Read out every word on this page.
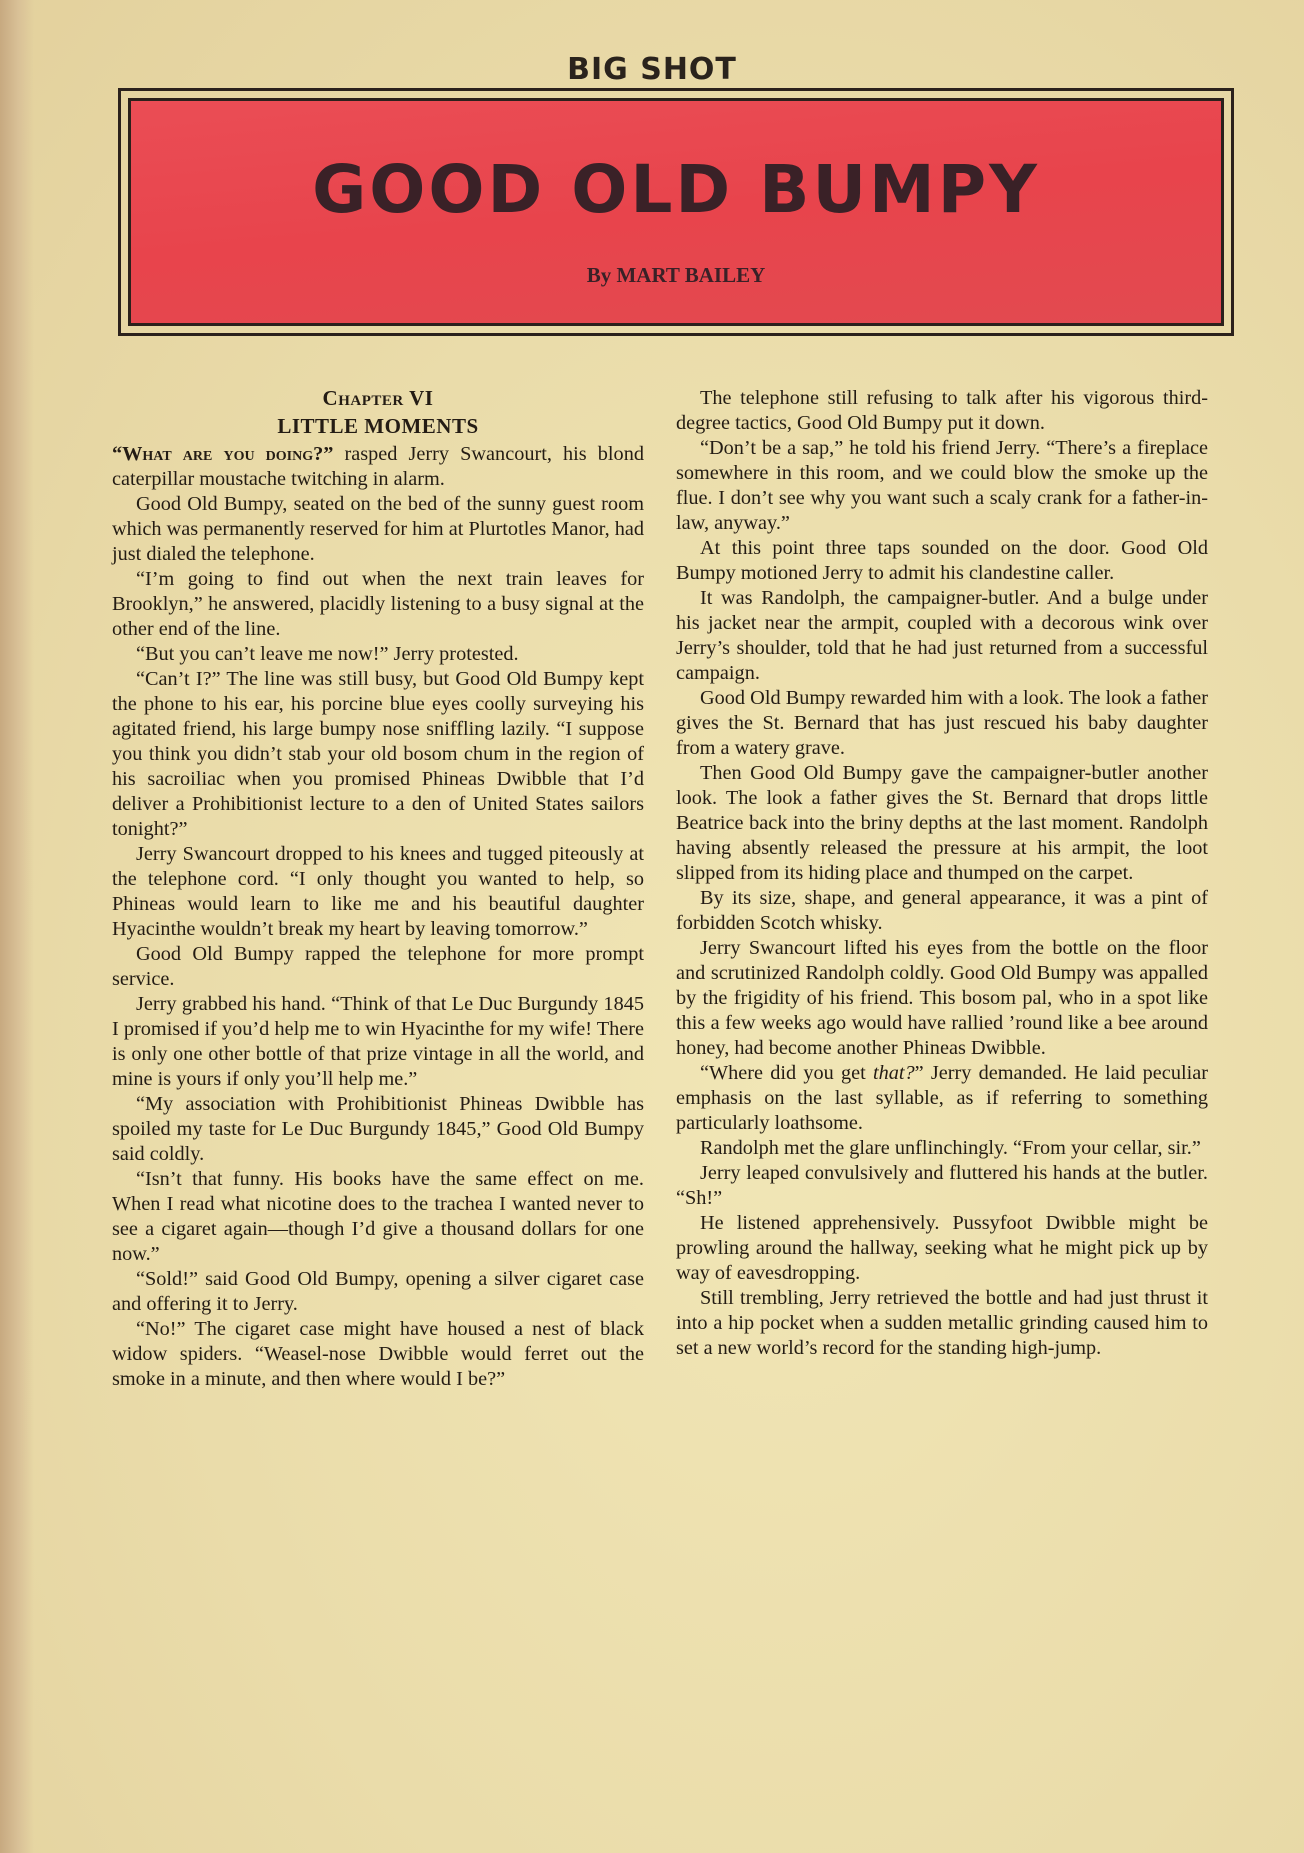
BIG SHOT
GOOD OLD BUMPY
By MART BAILEY
Chapter VI
LITTLE MOMENTS

“What are you doing?” rasped Jerry Swancourt, his blond caterpillar moustache twitching in alarm.

Good Old Bumpy, seated on the bed of the sunny guest room which was permanently reserved for him at Plurtotles Manor, had just dialed the telephone.

“I’m going to find out when the next train leaves for Brooklyn,” he answered, placidly listening to a busy signal at the other end of the line.

“But you can’t leave me now!” Jerry protested.

“Can’t I?” The line was still busy, but Good Old Bumpy kept the phone to his ear, his porcine blue eyes coolly surveying his agitated friend, his large bumpy nose sniffling lazily. “I suppose you think you didn’t stab your old bosom chum in the region of his sacroiliac when you promised Phineas Dwibble that I’d deliver a Prohibitionist lecture to a den of United States sailors tonight?”

Jerry Swancourt dropped to his knees and tugged piteously at the telephone cord. “I only thought you wanted to help, so Phineas would learn to like me and his beautiful daughter Hyacinthe wouldn’t break my heart by leaving tomorrow.”

Good Old Bumpy rapped the telephone for more prompt service.

Jerry grabbed his hand. “Think of that Le Duc Burgundy 1845 I promised if you’d help me to win Hyacinthe for my wife! There is only one other bottle of that prize vintage in all the world, and mine is yours if only you’ll help me.”

“My association with Prohibitionist Phineas Dwibble has spoiled my taste for Le Duc Burgundy 1845,” Good Old Bumpy said coldly.

“Isn’t that funny. His books have the same effect on me. When I read what nicotine does to the trachea I wanted never to see a cigaret again—though I’d give a thousand dollars for one now.”

“Sold!” said Good Old Bumpy, opening a silver cigaret case and offering it to Jerry.

“No!” The cigaret case might have housed a nest of black widow spiders. “Weasel-nose Dwibble would ferret out the smoke in a minute, and then where would I be?”

The telephone still refusing to talk after his vigorous third-degree tactics, Good Old Bumpy put it down.

“Don’t be a sap,” he told his friend Jerry. “There’s a fireplace somewhere in this room, and we could blow the smoke up the flue. I don’t see why you want such a scaly crank for a father-in-law, anyway.”

At this point three taps sounded on the door. Good Old Bumpy motioned Jerry to admit his clandestine caller.

It was Randolph, the campaigner-butler. And a bulge under his jacket near the armpit, coupled with a decorous wink over Jerry’s shoulder, told that he had just returned from a successful campaign.

Good Old Bumpy rewarded him with a look. The look a father gives the St. Bernard that has just rescued his baby daughter from a watery grave.

Then Good Old Bumpy gave the campaigner-butler another look. The look a father gives the St. Bernard that drops little Beatrice back into the briny depths at the last moment. Randolph having absently released the pressure at his armpit, the loot slipped from its hiding place and thumped on the carpet.

By its size, shape, and general appearance, it was a pint of forbidden Scotch whisky.

Jerry Swancourt lifted his eyes from the bottle on the floor and scrutinized Randolph coldly. Good Old Bumpy was appalled by the frigidity of his friend. This bosom pal, who in a spot like this a few weeks ago would have rallied ’round like a bee around honey, had become another Phineas Dwibble.

“Where did you get that?” Jerry demanded. He laid peculiar emphasis on the last syllable, as if referring to something particularly loathsome.

Randolph met the glare unflinchingly. “From your cellar, sir.”

Jerry leaped convulsively and fluttered his hands at the butler. “Sh!”

He listened apprehensively. Pussyfoot Dwibble might be prowling around the hallway, seeking what he might pick up by way of eavesdropping.

Still trembling, Jerry retrieved the bottle and had just thrust it into a hip pocket when a sudden metallic grinding caused him to set a new world’s record for the standing high-jump.
